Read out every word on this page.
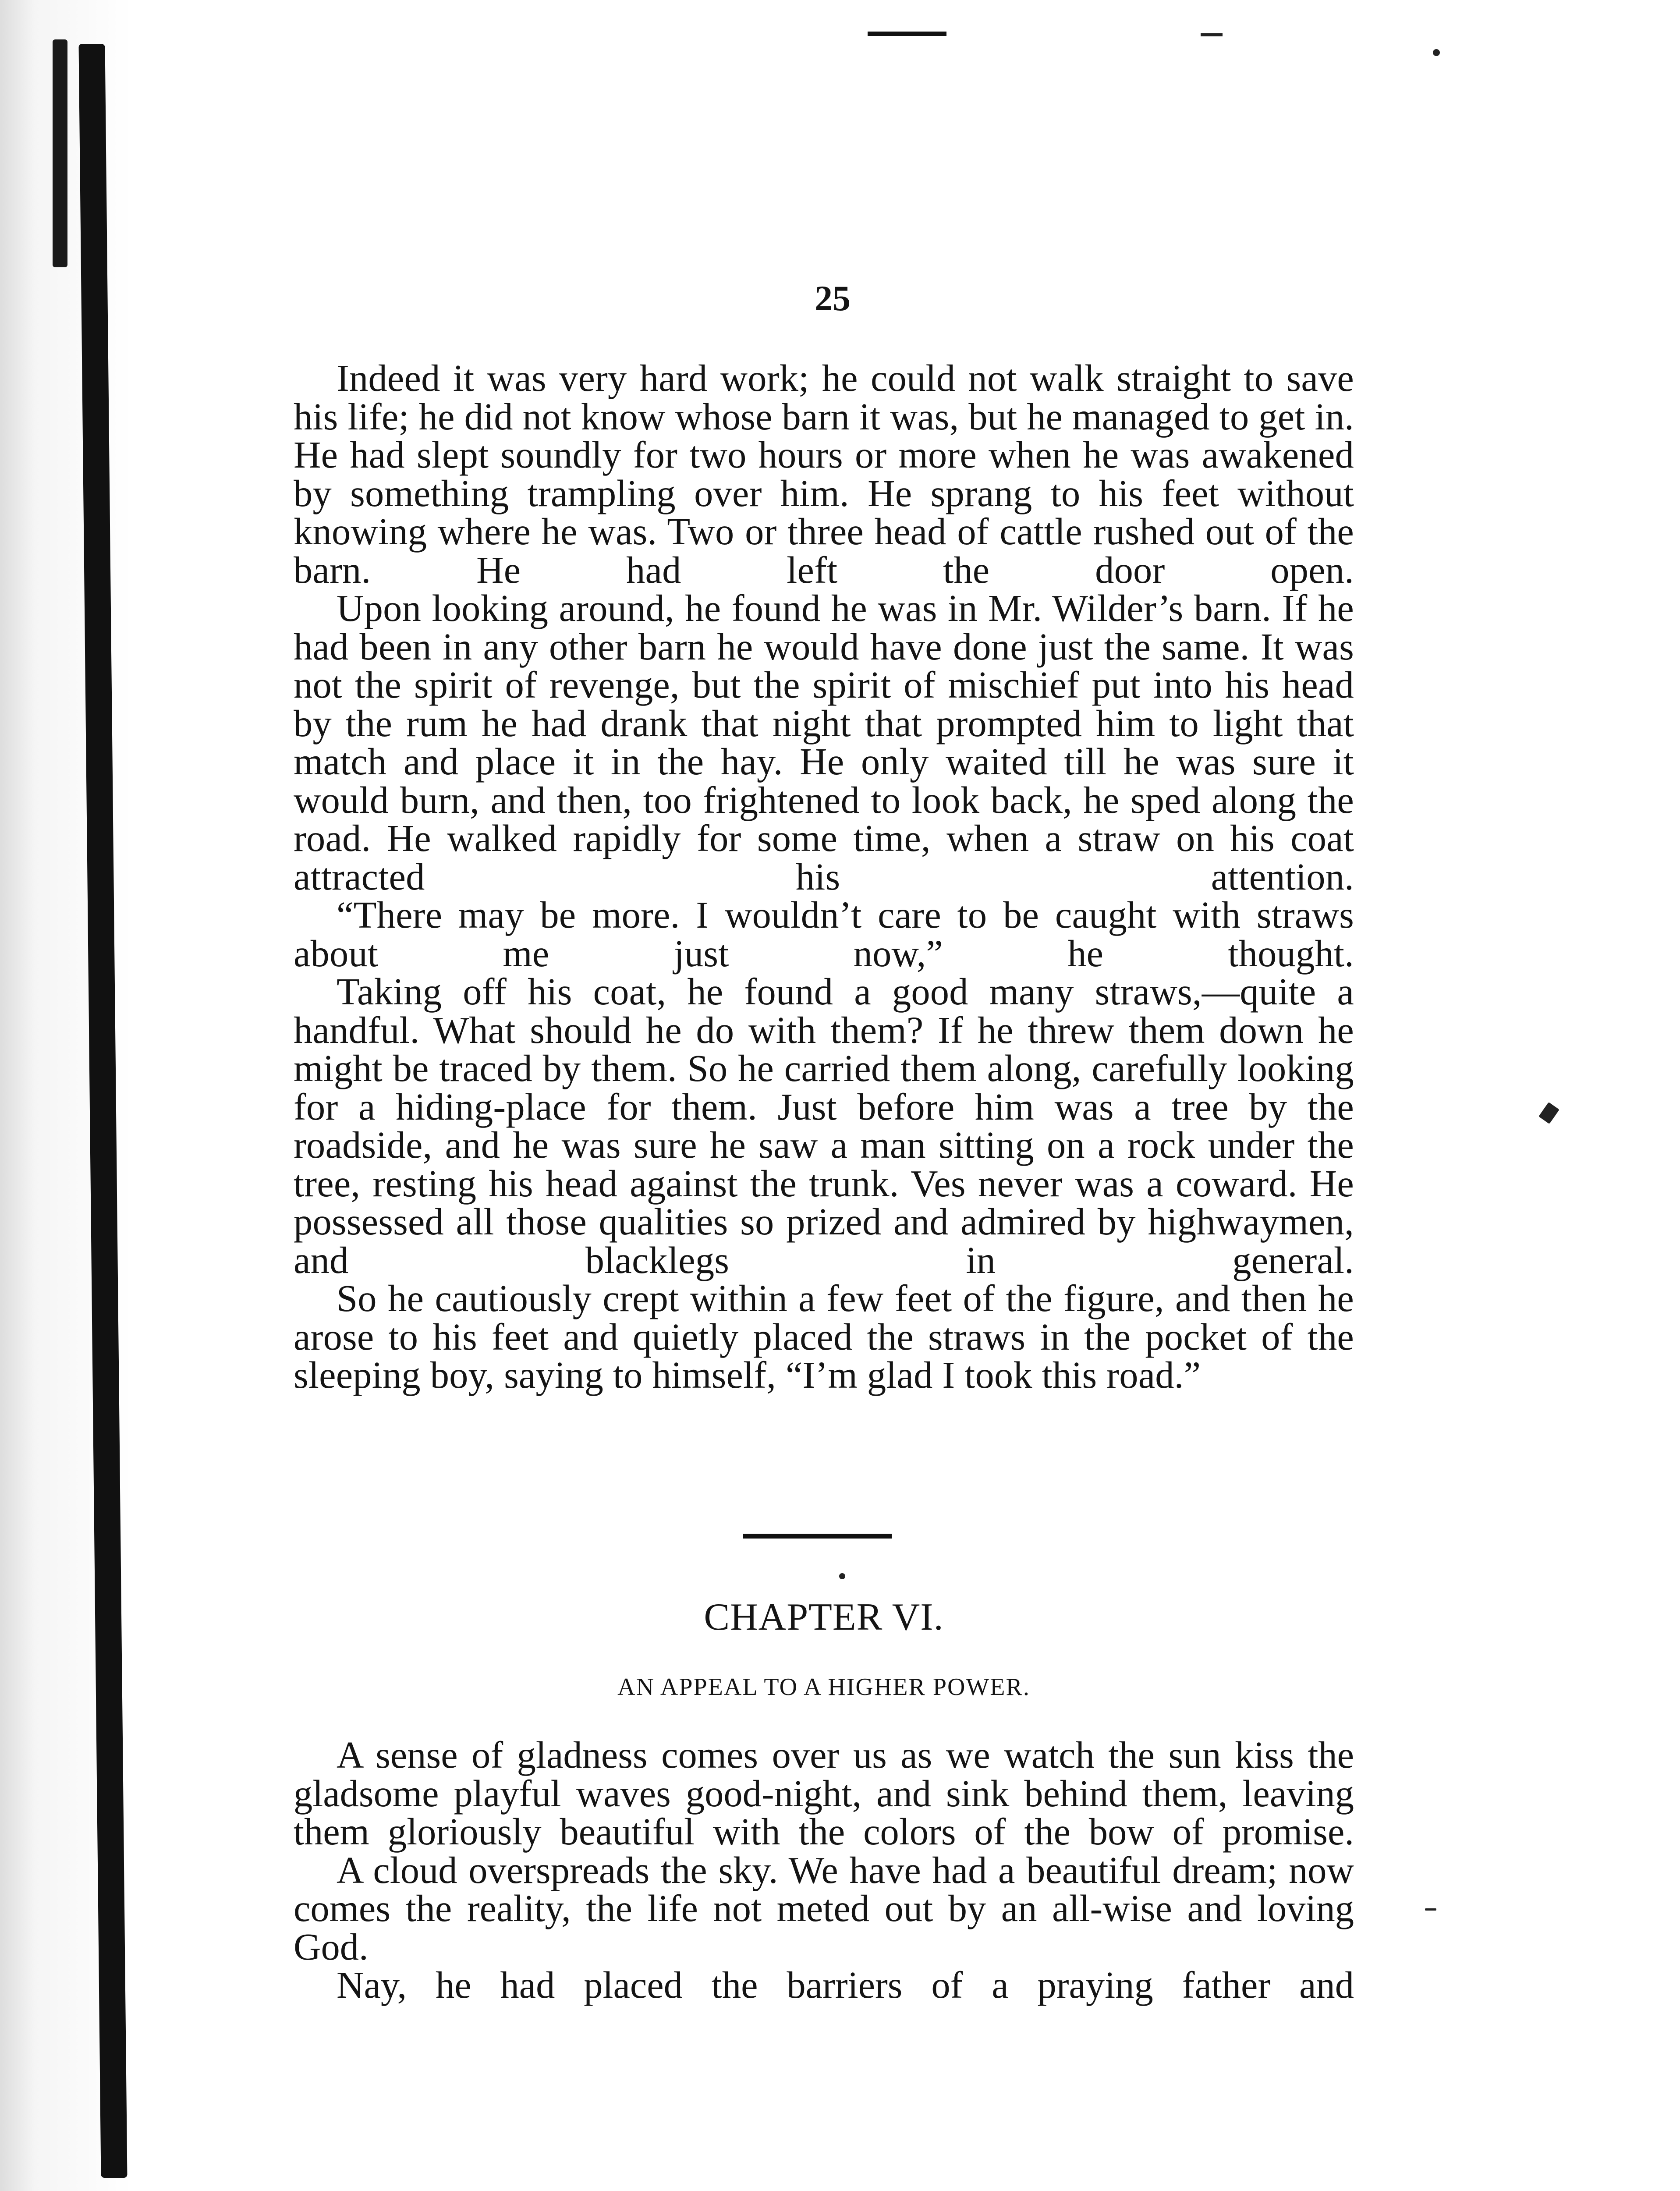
25

Indeed it was very hard work; he could not walk straight to save his life; he did not know whose barn it was, but he managed to get in. He had slept soundly for two hours or more when he was awakened by something trampling over him. He sprang to his feet without knowing where he was. Two or three head of cattle rushed out of the barn. He had left the door open.

Upon looking around, he found he was in Mr. Wilder’s barn. If he had been in any other barn he would have done just the same. It was not the spirit of revenge, but the spirit of mischief put into his head by the rum he had drank that night that prompted him to light that match and place it in the hay. He only waited till he was sure it would burn, and then, too frightened to look back, he sped along the road. He walked rapidly for some time, when a straw on his coat attracted his attention.

“There may be more. I wouldn’t care to be caught with straws about me just now,” he thought.

Taking off his coat, he found a good many straws,—quite a handful. What should he do with them? If he threw them down he might be traced by them. So he carried them along, carefully looking for a hiding-place for them. Just before him was a tree by the roadside, and he was sure he saw a man sitting on a rock under the tree, resting his head against the trunk. Ves never was a coward. He possessed all those qualities so prized and admired by highwaymen, and blacklegs in general.

So he cautiously crept within a few feet of the figure, and then he arose to his feet and quietly placed the straws in the pocket of the sleeping boy, saying to himself, “I’m glad I took this road.”

CHAPTER VI.
AN APPEAL TO A HIGHER POWER.

A sense of gladness comes over us as we watch the sun kiss the gladsome playful waves good-night, and sink behind them, leaving them gloriously beautiful with the colors of the bow of promise.

A cloud overspreads the sky. We have had a beautiful dream; now comes the reality, the life not meted out by an all-wise and loving God.

Nay, he had placed the barriers of a praying father and
